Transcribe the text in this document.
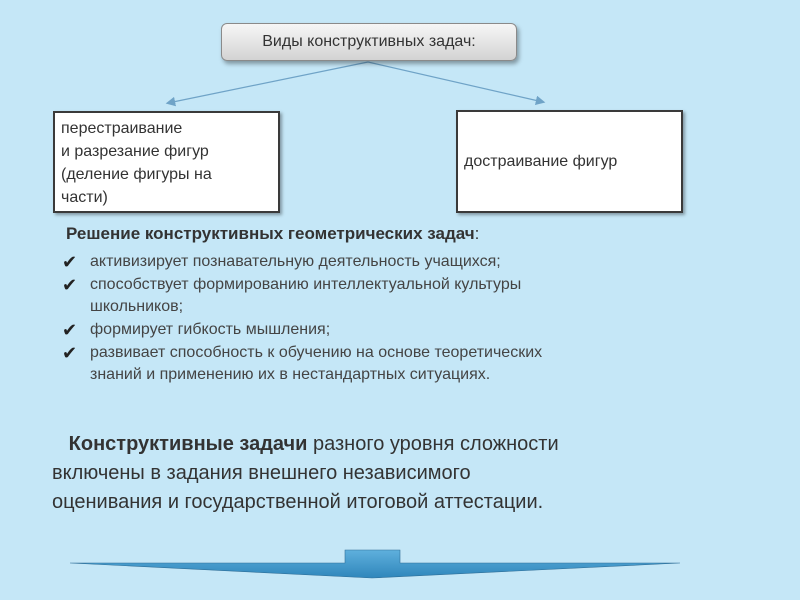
Виды конструктивных задач:
перестраивание
и разрезание фигур
(деление фигуры на
части)
достраивание фигур
Решение конструктивных геометрических задач:
✔ активизирует познавательную деятельность учащихся;
✔ способствует формированию интеллектуальной культуры
школьников;
✔ формирует гибкость мышления;
✔ развивает способность к обучению на основе теоретических
знаний и применению их в нестандартных ситуациях.
Конструктивные задачи разного уровня сложности
включены в задания внешнего независимого
оценивания и государственной итоговой аттестации.
